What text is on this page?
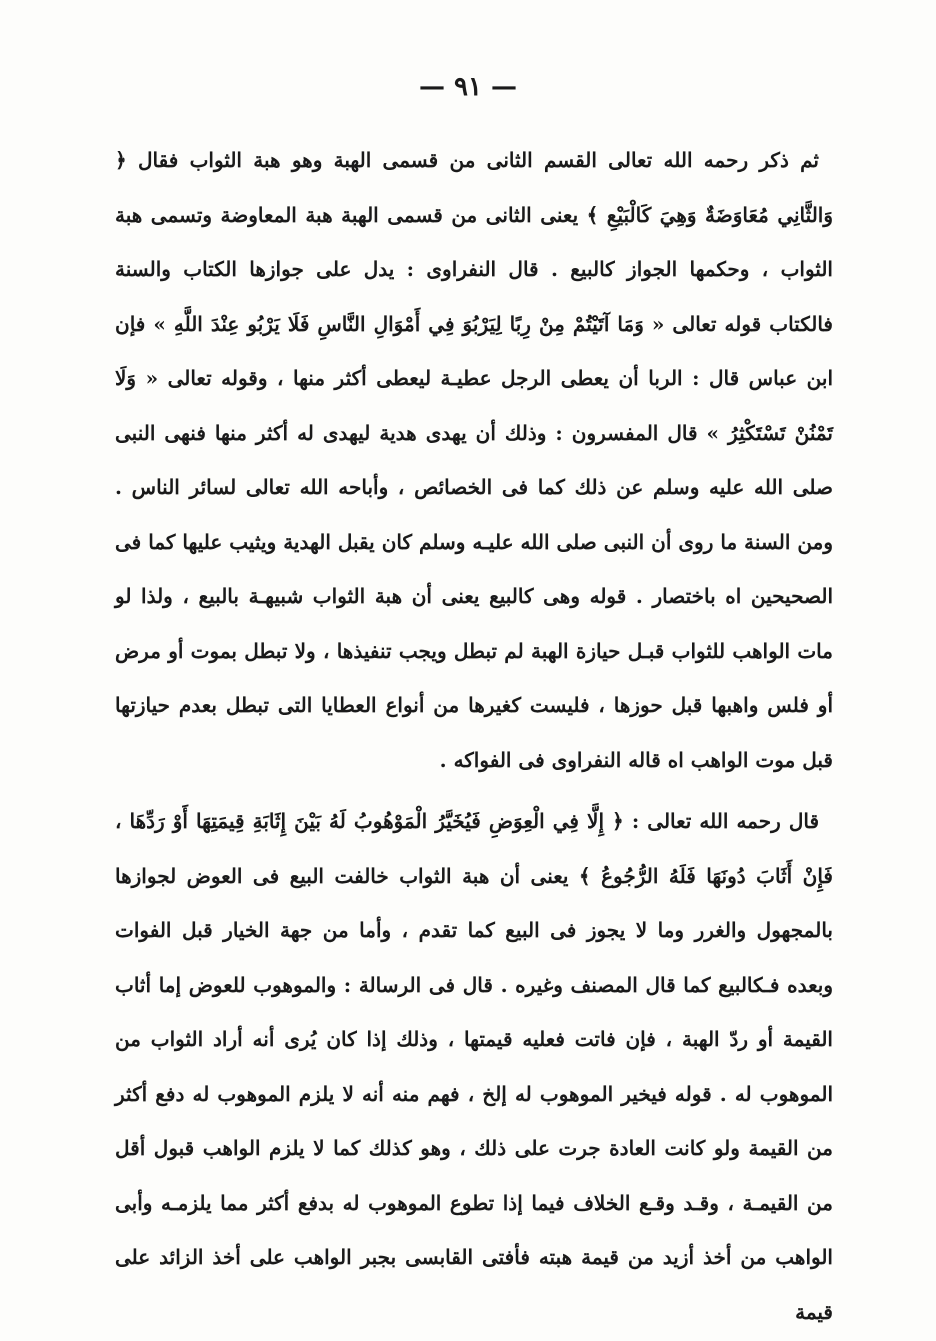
— ٩١ —

ثم ذكر رحمه الله تعالى القسم الثانى من قسمى الهبة وهو هبة الثواب فقال ﴿ وَالثَّانِي مُعَاوَضَةٌ وَهِيَ كَالْبَيْعِ ﴾ يعنى الثانى من قسمى الهبة هبة المعاوضة وتسمى هبة الثواب ، وحكمها الجواز كالبيع . قال النفراوى : يدل على جوازها الكتاب والسنة فالكتاب قوله تعالى « وَمَا آتَيْتُمْ مِنْ رِبًا لِيَرْبُوَ فِي أَمْوَالِ النَّاسِ فَلَا يَرْبُو عِنْدَ اللَّهِ » فإن ابن عباس قال : الربا أن يعطى الرجل عطيـة ليعطى أكثر منها ، وقوله تعالى « وَلَا تَمْنُنْ تَسْتَكْثِرُ » قال المفسرون : وذلك أن يهدى هدية ليهدى له أكثر منها فنهى النبى صلى الله عليه وسلم عن ذلك كما فى الخصائص ، وأباحه الله تعالى لسائر الناس . ومن السنة ما روى أن النبى صلى الله عليـه وسلم كان يقبل الهدية ويثيب عليها كما فى الصحيحين اه باختصار . قوله وهى كالبيع يعنى أن هبة الثواب شبيهـة بالبيع ، ولذا لو مات الواهب للثواب قبـل حيازة الهبة لم تبطل ويجب تنفيذها ، ولا تبطل بموت أو مرض أو فلس واهبها قبل حوزها ، فليست كغيرها من أنواع العطايا التى تبطل بعدم حيازتها قبل موت الواهب اه قاله النفراوى فى الفواكه .

قال رحمه الله تعالى : ﴿ إِلَّا فِي الْعِوَضِ فَيُخَيَّرُ الْمَوْهُوبُ لَهُ بَيْنَ إِثَابَةِ قِيمَتِهَا أَوْ رَدِّهَا ، فَإِنْ أَثَابَ دُونَهَا فَلَهُ الرُّجُوعُ ﴾ يعنى أن هبة الثواب خالفت البيع فى العوض لجوازها بالمجهول والغرر وما لا يجوز فى البيع كما تقدم ، وأما من جهة الخيار قبل الفوات وبعده فـكالبيع كما قال المصنف وغيره . قال فى الرسالة : والموهوب للعوض إما أثاب القيمة أو ردّ الهبة ، فإن فاتت فعليه قيمتها ، وذلك إذا كان يُرى أنه أراد الثواب من الموهوب له . قوله فيخير الموهوب له إلخ ، فهم منه أنه لا يلزم الموهوب له دفع أكثر من القيمة ولو كانت العادة جرت على ذلك ، وهو كذلك كما لا يلزم الواهب قبول أقل من القيمـة ، وقـد وقـع الخلاف فيما إذا تطوع الموهوب له بدفع أكثر مما يلزمـه وأبى الواهب من أخذ أزيد من قيمة هبته فأفتى القابسى بجبر الواهب على أخذ الزائد على قيمة
